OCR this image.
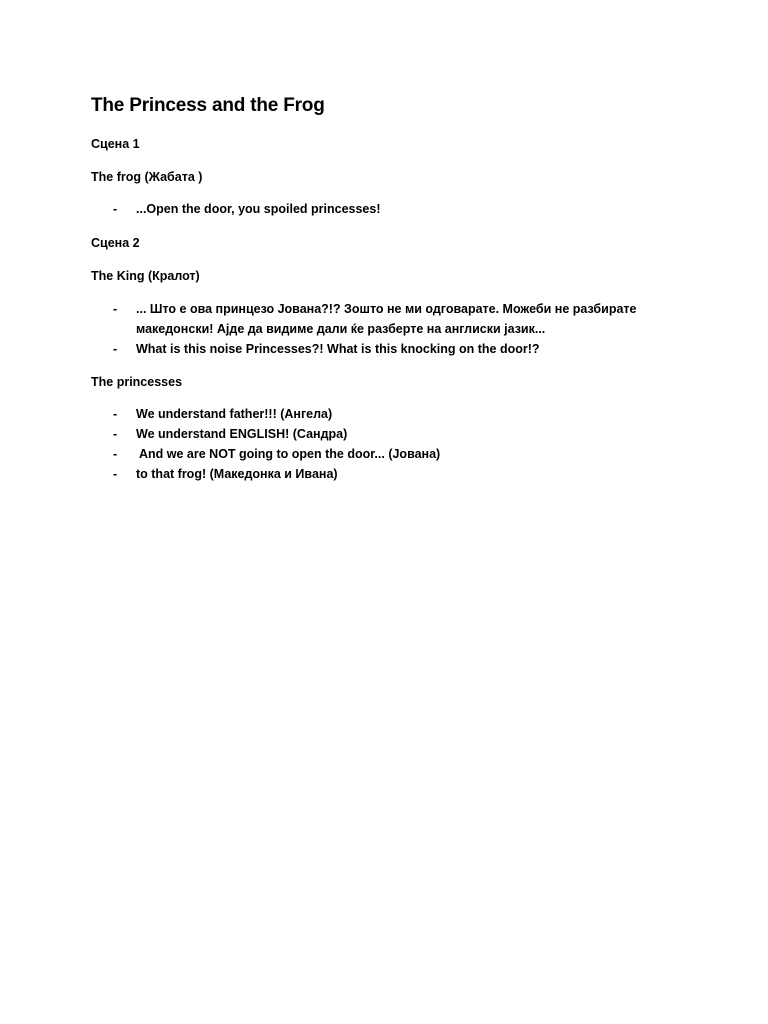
The Princess and the Frog

Сцена 1

The frog (Жабата )

- ...Open the door, you spoiled princesses!

Сцена 2

The King (Кралот)

- ... Што е ова принцезо Јована?!? Зошто не ми одговарате. Можеби не разбирате
македонски! Ајде да видиме дали ќе разберте на англиски јазик...
- What is this noise Princesses?! What is this knocking on the door!?

The princesses

- We understand father!!! (Ангела)
- We understand ENGLISH! (Сандра)
- And we are NOT going to open the door... (Јована)
- to that frog! (Македонка и Ивана)
